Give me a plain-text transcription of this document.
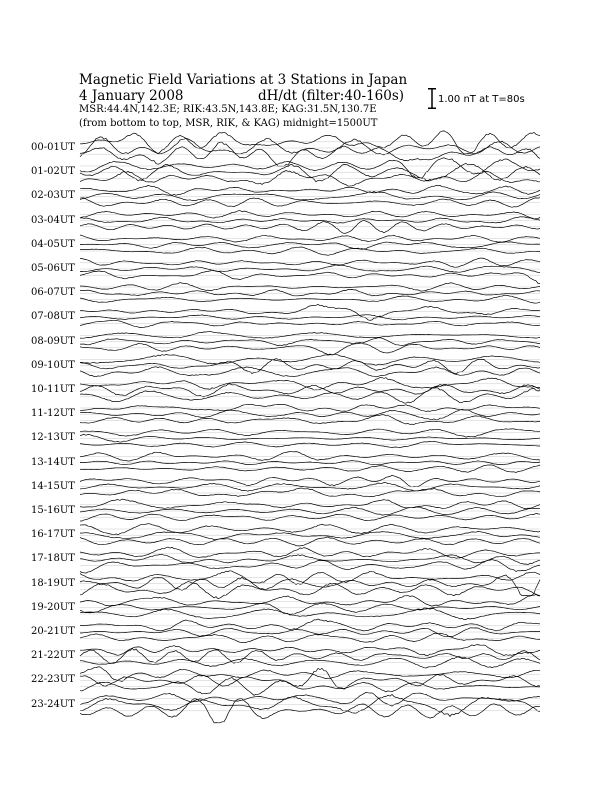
Magnetic Field Variations at 3 Stations in Japan
4 January 2008	dH/dt (filter:40-160s)
MSR:44.4N,142.3E; RIK:43.5N,143.8E; KAG:31.5N,130.7E
(from bottom to top, MSR, RIK, & KAG) midnight=1500UT
1.00 nT at T=80s
00-01UT
01-02UT
02-03UT
03-04UT
04-05UT
05-06UT
06-07UT
07-08UT
08-09UT
09-10UT
10-11UT
11-12UT
12-13UT
13-14UT
14-15UT
15-16UT
16-17UT
17-18UT
18-19UT
19-20UT
20-21UT
21-22UT
22-23UT
23-24UT
